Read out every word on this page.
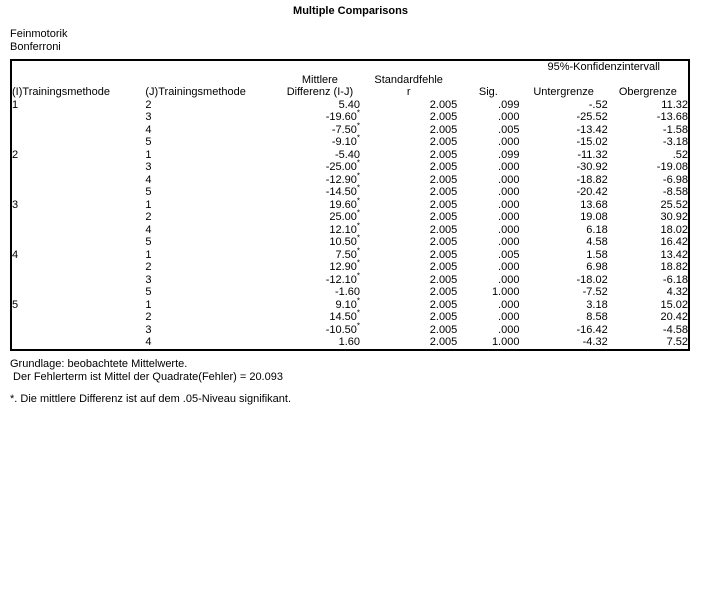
Multiple Comparisons
Feinmotorik
Bonferroni
					95%-Konfidenzintervall	

(I)Trainingsmethode	(J)Trainingsmethode	
Mittlere
Differenz (I-J)

Standardfehle
r	Sig.	Untergrenze	Obergrenze
1	2	5.40	2.005	.099	-.52	11.32
	3	-19.60*	2.005	.000	-25.52	-13.68
	4	-7.50*	2.005	.005	-13.42	-1.58
	5	-9.10*	2.005	.000	-15.02	-3.18
2	1	-5.40	2.005	.099	-11.32	.52
	3	-25.00*	2.005	.000	-30.92	-19.08
	4	-12.90*	2.005	.000	-18.82	-6.98
	5	-14.50*	2.005	.000	-20.42	-8.58
3	1	19.60*	2.005	.000	13.68	25.52
	2	25.00*	2.005	.000	19.08	30.92
	4	12.10*	2.005	.000	6.18	18.02
	5	10.50*	2.005	.000	4.58	16.42
4	1	7.50*	2.005	.005	1.58	13.42
	2	12.90*	2.005	.000	6.98	18.82
	3	-12.10*	2.005	.000	-18.02	-6.18
	5	-1.60	2.005	1.000	-7.52	4.32
5	1	9.10*	2.005	.000	3.18	15.02
	2	14.50*	2.005	.000	8.58	20.42
	3	-10.50*	2.005	.000	-16.42	-4.58
	4	1.60	2.005	1.000	-4.32	7.52
Grundlage: beobachtete Mittelwerte.
Der Fehlerterm ist Mittel der Quadrate(Fehler) = 20.093
*. Die mittlere Differenz ist auf dem .05-Niveau signifikant.
